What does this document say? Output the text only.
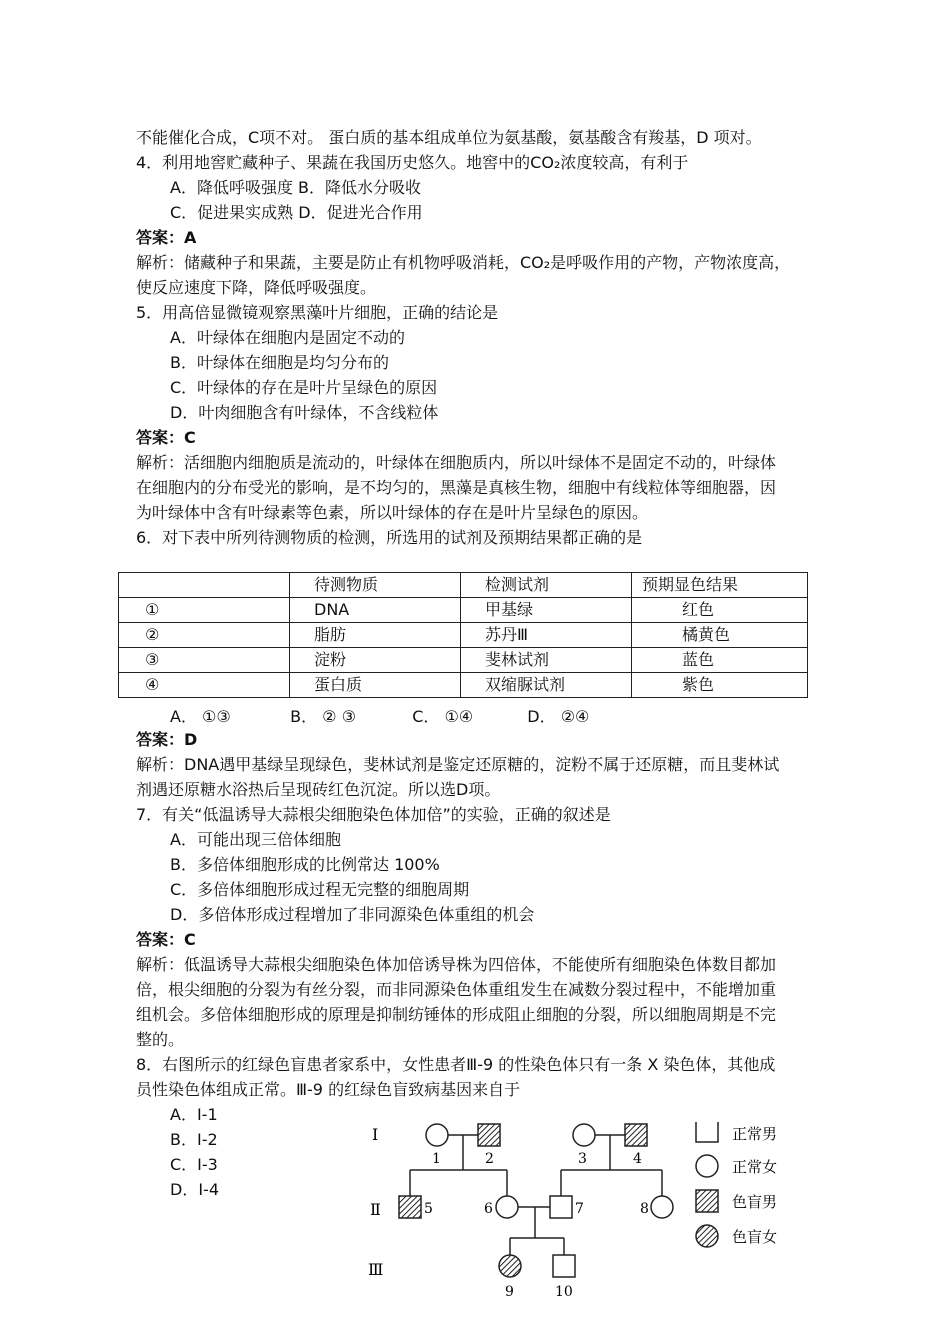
不能催化合成，C项不对。 蛋白质的基本组成单位为氨基酸，氨基酸含有羧基，D 项对。
4．利用地窖贮藏种子、果蔬在我国历史悠久。地窖中的CO₂浓度较高，有利于
A．降低呼吸强度 B．降低水分吸收
C．促进果实成熟 D．促进光合作用
答案：A
解析：储藏种子和果蔬，主要是防止有机物呼吸消耗，CO₂是呼吸作用的产物，产物浓度高，
使反应速度下降，降低呼吸强度。
5．用高倍显微镜观察黑藻叶片细胞，正确的结论是
A．叶绿体在细胞内是固定不动的
B．叶绿体在细胞是均匀分布的
C．叶绿体的存在是叶片呈绿色的原因
D．叶肉细胞含有叶绿体，不含线粒体
答案：C
解析：活细胞内细胞质是流动的，叶绿体在细胞质内，所以叶绿体不是固定不动的，叶绿体
在细胞内的分布受光的影响，是不均匀的，黑藻是真核生物，细胞中有线粒体等细胞器，因
为叶绿体中含有叶绿素等色素，所以叶绿体的存在是叶片呈绿色的原因。
6．对下表中所列待测物质的检测，所选用的试剂及预期结果都正确的是
	待测物质	检测试剂	预期显色结果
①	DNA	甲基绿	红色
②	脂肪	苏丹Ⅲ	橘黄色
③	淀粉	斐林试剂	蓝色
④	蛋白质	双缩脲试剂	紫色
A． ①③	B． ② ③	C． ①④	D． ②④
答案：D
解析：DNA遇甲基绿呈现绿色，斐林试剂是鉴定还原糖的，淀粉不属于还原糖，而且斐林试
剂遇还原糖水浴热后呈现砖红色沉淀。所以选D项。
7．有关“低温诱导大蒜根尖细胞染色体加倍”的实验，正确的叙述是
A．可能出现三倍体细胞
B．多倍体细胞形成的比例常达 100%
C．多倍体细胞形成过程无完整的细胞周期
D．多倍体形成过程增加了非同源染色体重组的机会
答案：C
解析：低温诱导大蒜根尖细胞染色体加倍诱导株为四倍体，不能使所有细胞染色体数目都加
倍，根尖细胞的分裂为有丝分裂，而非同源染色体重组发生在减数分裂过程中，不能增加重
组机会。多倍体细胞形成的原理是抑制纺锤体的形成阻止细胞的分裂，所以细胞周期是不完
整的。
8．右图所示的红绿色盲患者家系中，女性患者Ⅲ-9 的性染色体只有一条 X 染色体，其他成
员性染色体组成正常。Ⅲ-9 的红绿色盲致病基因来自于
A．Ⅰ-1
B．Ⅰ-2
C．Ⅰ-3
D．Ⅰ-4
Ⅰ
Ⅱ
Ⅲ
1	2	3	4
5	6	7	8
9	10
正常男
正常女
色盲男
色盲女
